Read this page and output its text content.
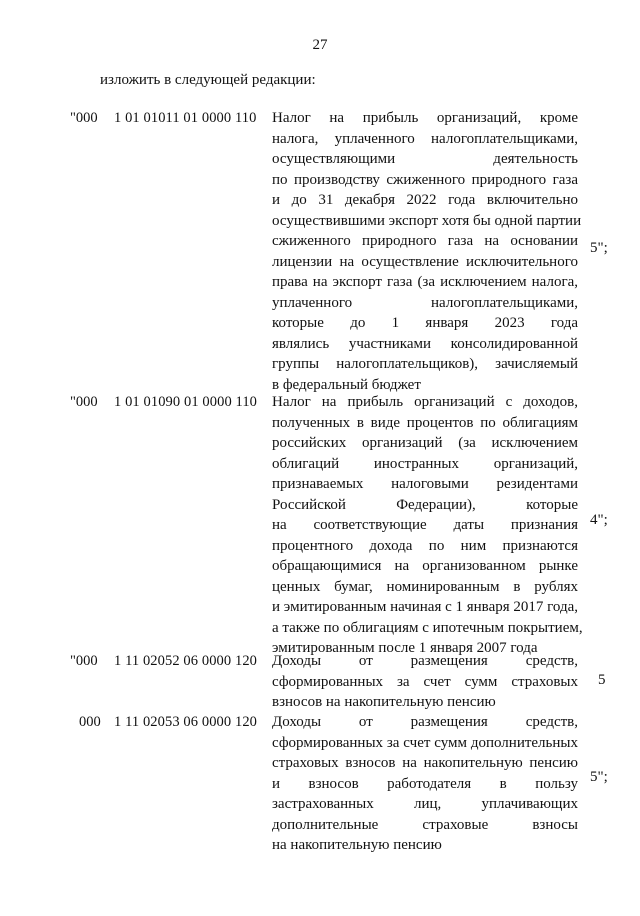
27
изложить в следующей редакции:
"000 1 01 01011 01 0000 110 Налог на прибыль организаций, кроме
налога, уплаченного налогоплательщиками,
осуществляющими деятельность
по производству сжиженного природного газа
и до 31 декабря 2022 года включительно
осуществившими экспорт хотя бы одной партии
сжиженного природного газа на основании
лицензии на осуществление исключительного
права на экспорт газа (за исключением налога,
уплаченного налогоплательщиками,
которые до 1 января 2023 года
являлись участниками консолидированной
группы налогоплательщиков), зачисляемый
в федеральный бюджет
5";
"000 1 01 01090 01 0000 110 Налог на прибыль организаций с доходов,
полученных в виде процентов по облигациям
российских организаций (за исключением
облигаций иностранных организаций,
признаваемых налоговыми резидентами
Российской Федерации), которые
на соответствующие даты признания
процентного дохода по ним признаются
обращающимися на организованном рынке
ценных бумаг, номинированным в рублях
и эмитированным начиная с 1 января 2017 года,
а также по облигациям с ипотечным покрытием,
эмитированным после 1 января 2007 года
4";
"000 1 11 02052 06 0000 120 Доходы от размещения средств,
сформированных за счет сумм страховых
взносов на накопительную пенсию
5
000 1 11 02053 06 0000 120 Доходы от размещения средств,
сформированных за счет сумм дополнительных
страховых взносов на накопительную пенсию
и взносов работодателя в пользу
застрахованных лиц, уплачивающих
дополнительные страховые взносы
на накопительную пенсию
5";
